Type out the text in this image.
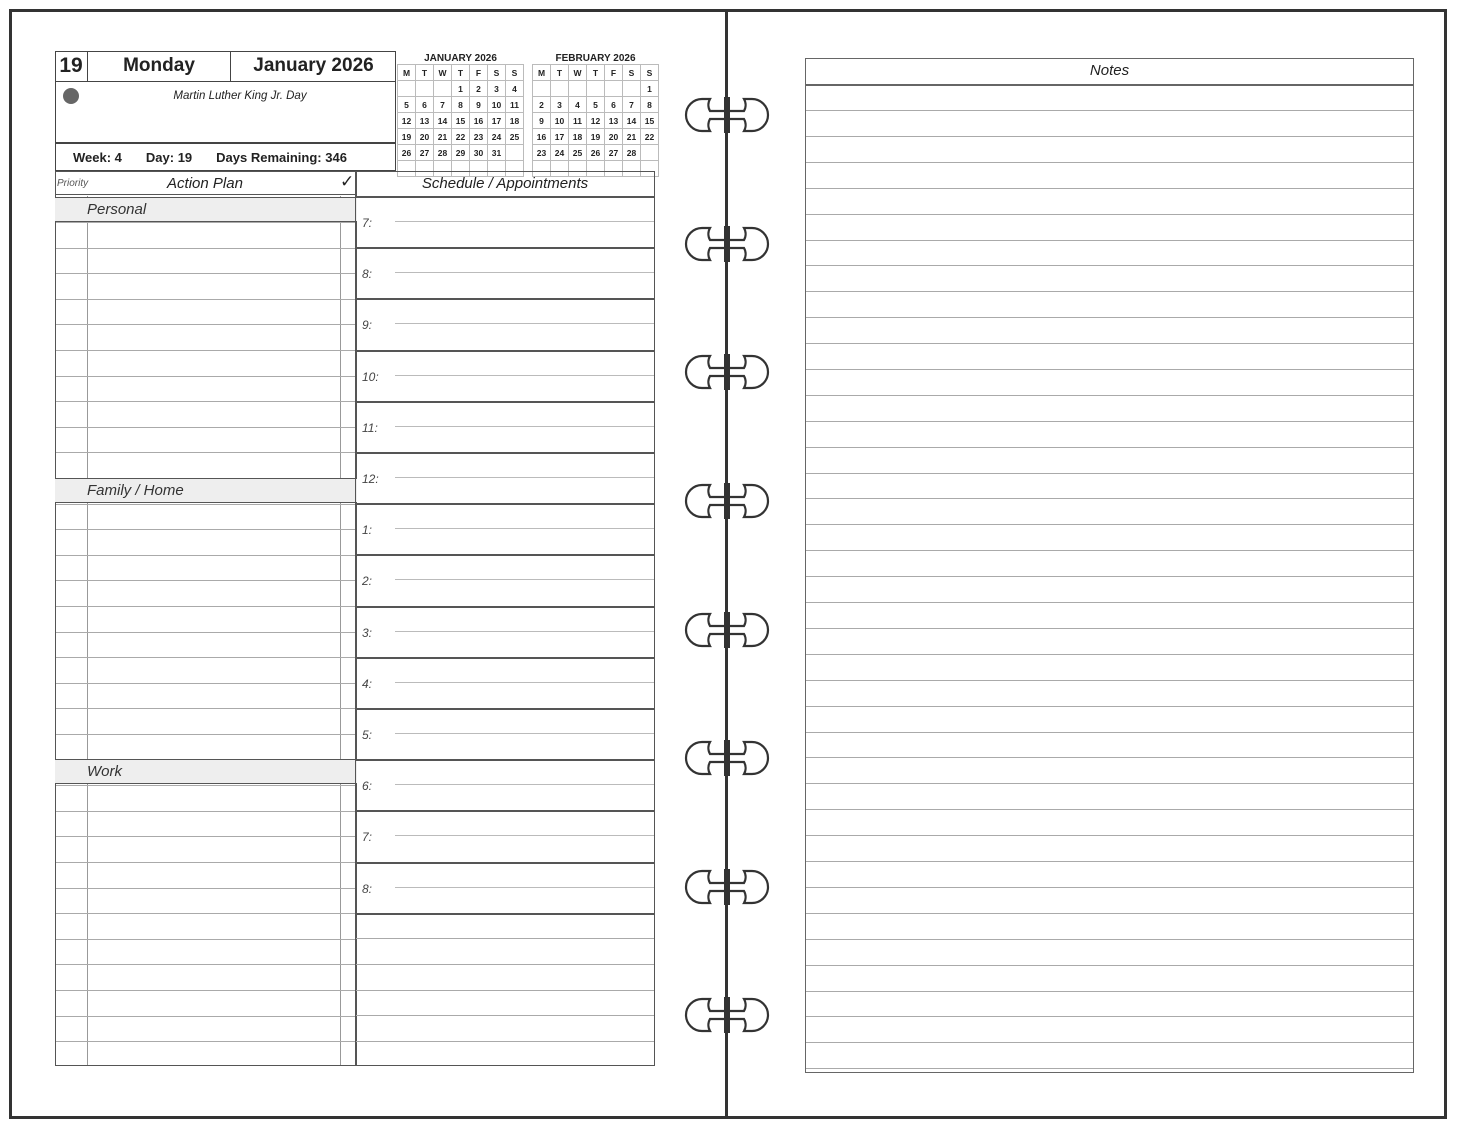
19	Monday	January 2026
Martin Luther King Jr. Day
Week: 4 Day: 19 Days Remaining: 346
JANUARY 2026
M	T	W	T	F	S	S
			1	2	3	4
5	6	7	8	9	10	11
12	13	14	15	16	17	18
19	20	21	22	23	24	25
26	27	28	29	30	31	

FEBRUARY 2026
M	T	W	T	F	S	S
						1
2	3	4	5	6	7	8
9	10	11	12	13	14	15
16	17	18	19	20	21	22
23	24	25	26	27	28	

Priority	Action Plan	✓
Personal
Family / Home
Work
Schedule / Appointments
7:
8:
9:
10:
11:
12:
1:
2:
3:
4:
5:
6:
7:
8:
Notes
